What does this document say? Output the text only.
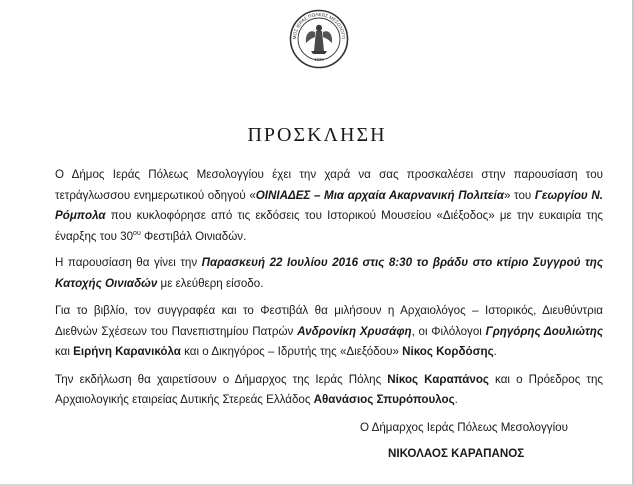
ΜΟΣ ΙΕΡΑΣ ΠΟΛΕΩΣ ΜΕΣΟΛΟΓΓΙ
1826
ΠΡΟΣΚΛΗΣΗ

Ο Δήμος Ιεράς Πόλεως Μεσολογγίου έχει την χαρά να σας προσκαλέσει στην παρουσίαση του τετράγλωσσου ενημερωτικού οδηγού «ΟΙΝΙΑΔΕΣ – Μια αρχαία Ακαρνανική Πολιτεία» του Γεωργίου Ν. Ρόμπολα που κυκλοφόρησε από τις εκδόσεις του Ιστορικού Μουσείου «Διέξοδος» με την ευκαιρία της έναρξης του $30^{o\upsilon}$ Φεστιβάλ Οινιαδών.

Η παρουσίαση θα γίνει την Παρασκευή 22 Ιουλίου 2016 στις 8:30 το βράδυ στο κτίριο Συγγρού της Κατοχής Οινιαδών με ελεύθερη είσοδο.

Για το βιβλίο, τον συγγραφέα και το Φεστιβάλ θα μιλήσουν η Αρχαιολόγος – Ιστορικός, Διευθύντρια Διεθνών Σχέσεων του Πανεπιστημίου Πατρών Ανδρονίκη Χρυσάφη, οι Φιλόλογοι Γρηγόρης Δουλιώτης και Ειρήνη Καρανικόλα και ο Δικηγόρος – Ιδρυτής της «Διεξόδου» Νίκος Κορδόσης.

Την εκδήλωση θα χαιρετίσουν ο Δήμαρχος της Ιεράς Πόλης Νίκος Καραπάνος και ο Πρόεδρος της Αρχαιολογικής εταιρείας Δυτικής Στερεάς Ελλάδος Αθανάσιος Σπυρόπουλος.

Ο Δήμαρχος Ιεράς Πόλεως Μεσολογγίου
ΝΙΚΟΛΑΟΣ ΚΑΡΑΠΑΝΟΣ
